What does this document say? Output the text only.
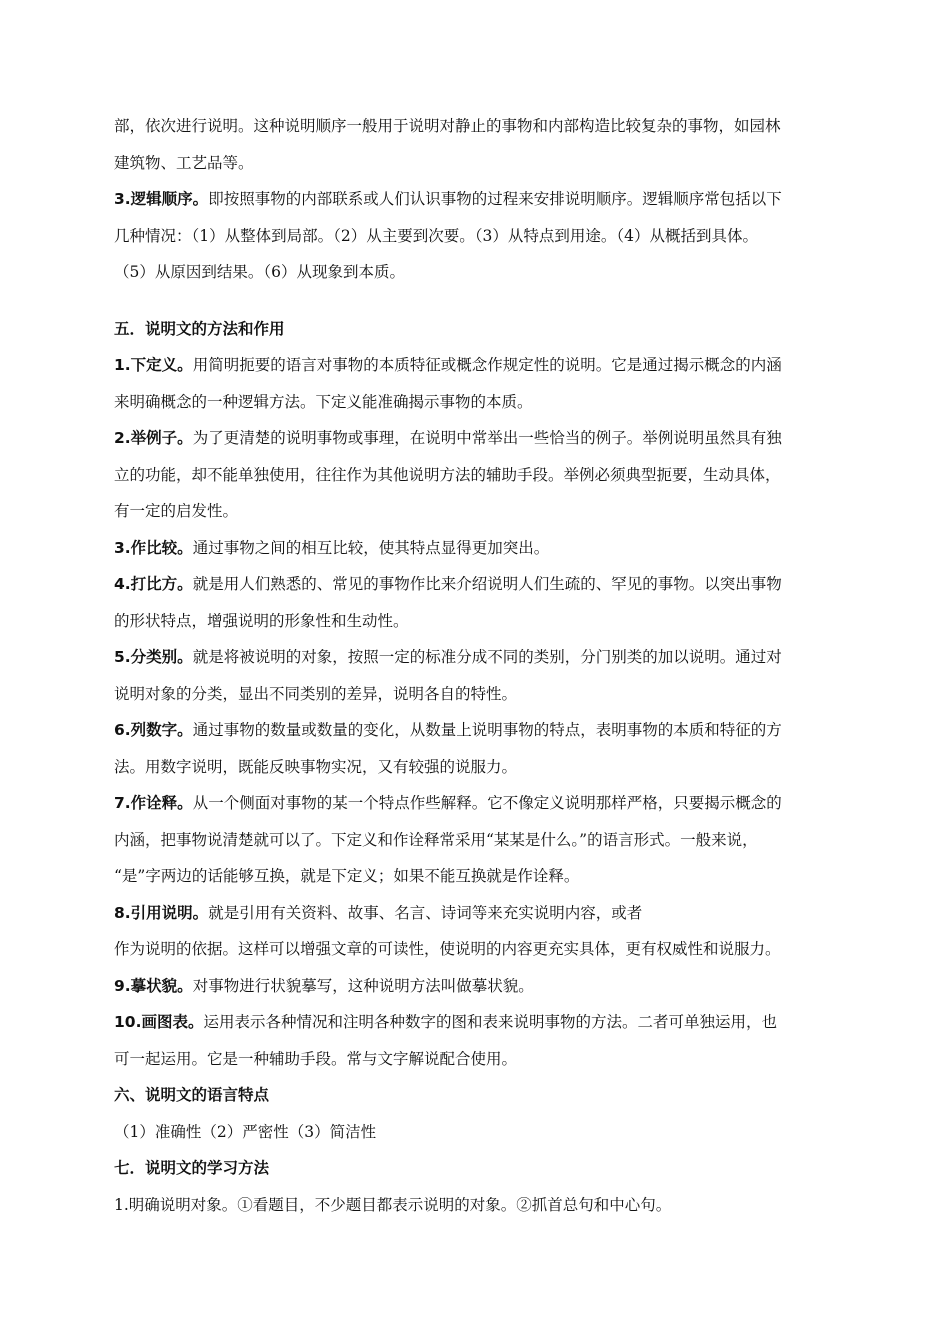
部，依次进行说明。这种说明顺序一般用于说明对静止的事物和内部构造比较复杂的事物，如园林
建筑物、工艺品等。
3.逻辑顺序。即按照事物的内部联系或人们认识事物的过程来安排说明顺序。逻辑顺序常包括以下
几种情况：（1）从整体到局部。（2）从主要到次要。（3）从特点到用途。（4）从概括到具体。
（5）从原因到结果。（6）从现象到本质。
五．说明文的方法和作用
1.下定义。用简明扼要的语言对事物的本质特征或概念作规定性的说明。它是通过揭示概念的内涵
来明确概念的一种逻辑方法。下定义能准确揭示事物的本质。
2.举例子。为了更清楚的说明事物或事理，在说明中常举出一些恰当的例子。举例说明虽然具有独
立的功能，却不能单独使用，往往作为其他说明方法的辅助手段。举例必须典型扼要，生动具体，
有一定的启发性。
3.作比较。通过事物之间的相互比较，使其特点显得更加突出。
4.打比方。就是用人们熟悉的、常见的事物作比来介绍说明人们生疏的、罕见的事物。以突出事物
的形状特点，增强说明的形象性和生动性。
5.分类别。就是将被说明的对象，按照一定的标准分成不同的类别，分门别类的加以说明。通过对
说明对象的分类，显出不同类别的差异，说明各自的特性。
6.列数字。通过事物的数量或数量的变化，从数量上说明事物的特点，表明事物的本质和特征的方
法。用数字说明，既能反映事物实况，又有较强的说服力。
7.作诠释。从一个侧面对事物的某一个特点作些解释。它不像定义说明那样严格，只要揭示概念的
内涵，把事物说清楚就可以了。下定义和作诠释常采用“某某是什么。”的语言形式。一般来说，
“是”字两边的话能够互换，就是下定义；如果不能互换就是作诠释。
8.引用说明。就是引用有关资料、故事、名言、诗词等来充实说明内容，或者
作为说明的依据。这样可以增强文章的可读性，使说明的内容更充实具体，更有权威性和说服力。
9.摹状貌。对事物进行状貌摹写，这种说明方法叫做摹状貌。
10.画图表。运用表示各种情况和注明各种数字的图和表来说明事物的方法。二者可单独运用，也
可一起运用。它是一种辅助手段。常与文字解说配合使用。
六、说明文的语言特点
（1）准确性（2）严密性（3）简洁性
七．说明文的学习方法
1.明确说明对象。①看题目，不少题目都表示说明的对象。②抓首总句和中心句。
